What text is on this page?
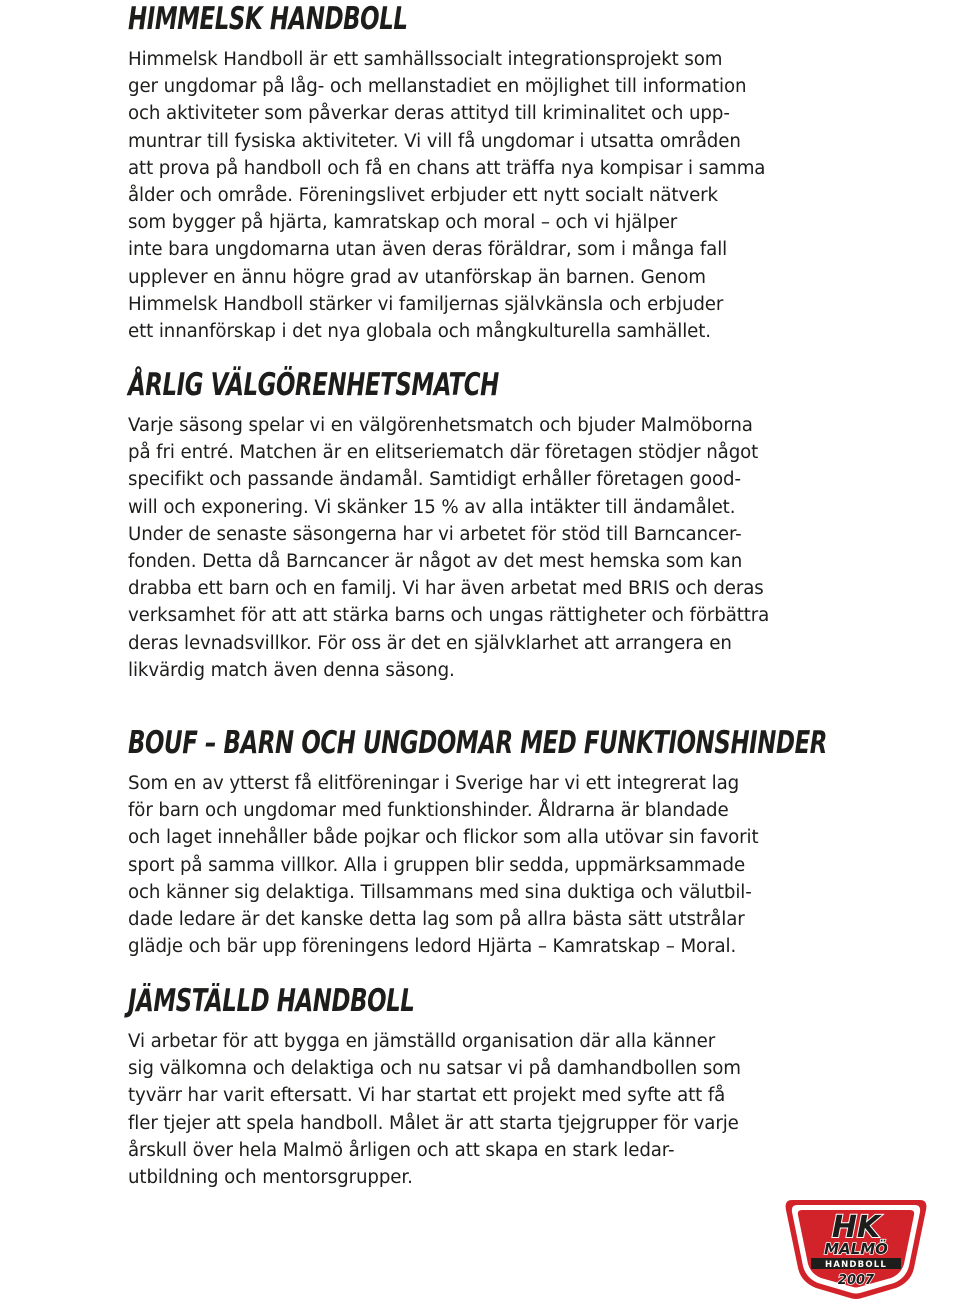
HIMMELSK HANDBOLL

Himmelsk Handboll är ett samhällssocialt integrationsprojekt som
ger ungdomar på låg- och mellanstadiet en möjlighet till information
och aktiviteter som påverkar deras attityd till kriminalitet och upp-
muntrar till fysiska aktiviteter. Vi vill få ungdomar i utsatta områden
att prova på handboll och få en chans att träffa nya kompisar i samma
ålder och område. Föreningslivet erbjuder ett nytt socialt nätverk
som bygger på hjärta, kamratskap och moral – och vi hjälper
inte bara ungdomarna utan även deras föräldrar, som i många fall
upplever en ännu högre grad av utanförskap än barnen. Genom
Himmelsk Handboll stärker vi familjernas självkänsla och erbjuder
ett innanförskap i det nya globala och mångkulturella samhället.

ÅRLIG VÄLGÖRENHETSMATCH

Varje säsong spelar vi en välgörenhetsmatch och bjuder Malmöborna
på fri entré. Matchen är en elitseriematch där företagen stödjer något
specifikt och passande ändamål. Samtidigt erhåller företagen good-
will och exponering. Vi skänker 15 % av alla intäkter till ändamålet.
Under de senaste säsongerna har vi arbetet för stöd till Barncancer-
fonden. Detta då Barncancer är något av det mest hemska som kan
drabba ett barn och en familj. Vi har även arbetat med BRIS och deras
verksamhet för att att stärka barns och ungas rättigheter och förbättra
deras levnadsvillkor. För oss är det en självklarhet att arrangera en
likvärdig match även denna säsong.

BOUF – BARN OCH UNGDOMAR MED FUNKTIONSHINDER

Som en av ytterst få elitföreningar i Sverige har vi ett integrerat lag
för barn och ungdomar med funktionshinder. Åldrarna är blandade
och laget innehåller både pojkar och flickor som alla utövar sin favorit
sport på samma villkor. Alla i gruppen blir sedda, uppmärksammade
och känner sig delaktiga. Tillsammans med sina duktiga och välutbil-
dade ledare är det kanske detta lag som på allra bästa sätt utstrålar
glädje och bär upp föreningens ledord Hjärta – Kamratskap – Moral.

JÄMSTÄLLD HANDBOLL

Vi arbetar för att bygga en jämställd organisation där alla känner
sig välkomna och delaktiga och nu satsar vi på damhandbollen som
tyvärr har varit eftersatt. Vi har startat ett projekt med syfte att få
fler tjejer att spela handboll. Målet är att starta tjejgrupper för varje
årskull över hela Malmö årligen och att skapa en stark ledar-
utbildning och mentorsgrupper.

HK
MALMÖ
HANDBOLL
2007
